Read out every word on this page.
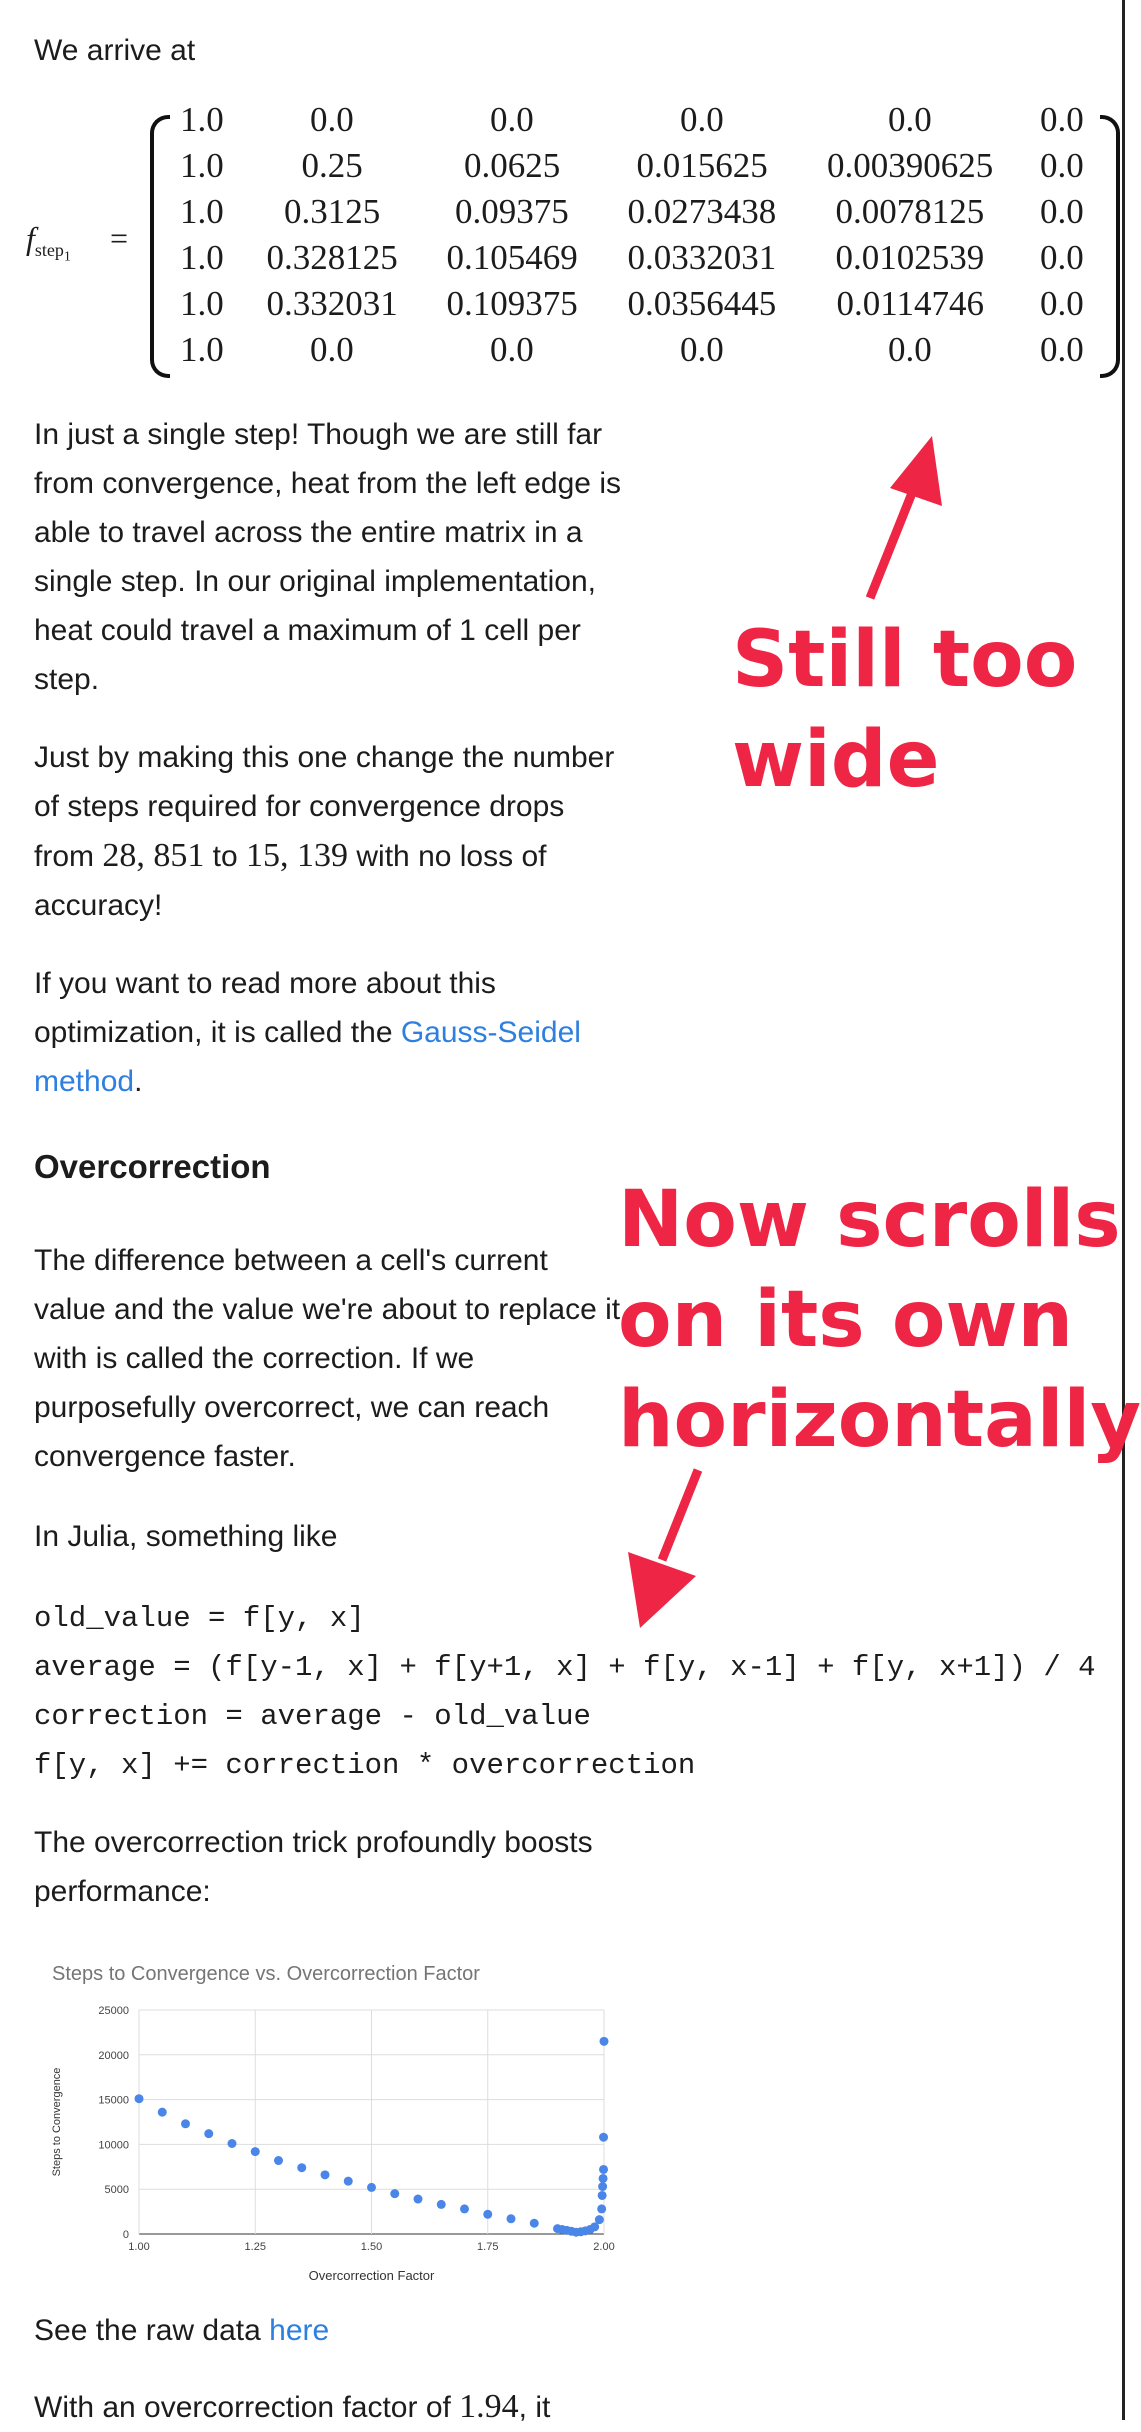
We arrive at

$f_{step_1}$
=
1.0 0.0	0.0	0.0	0.0	0.0
1.0 0.25	0.0625 0.015625 0.00390625 0.0
1.0 0.3125 0.09375 0.0273438 0.0078125 0.0
1.0 0.328125 0.105469 0.0332031 0.0102539 0.0
1.0 0.332031 0.109375 0.0356445 0.0114746 0.0
1.0 0.0	0.0	0.0	0.0	0.0

In just a single step! Though we are still far from convergence, heat from the left edge is able to travel across the entire matrix in a single step. In our original implementation, heat could travel a maximum of 1 cell per step.

Just by making this one change the number of steps required for convergence drops from 28, 851 to 15, 139 with no loss of accuracy!

If you want to read more about this optimization, it is called the Gauss-Seidel method.

Overcorrection

The difference between a cell's current value and the value we're about to replace it with is called the correction. If we purposefully overcorrect, we can reach convergence faster.

In Julia, something like

old_value = f[y, x]
average = (f[y-1, x] + f[y+1, x] + f[y, x-1] + f[y, x+1]) / 4
correction = average - old_value
f[y, x] += correction * overcorrection

The overcorrection trick profoundly boosts performance:

Steps to Convergence vs. Overcorrection Factor
Steps to Convergence
Overcorrection Factor
0
5000
10000
15000
20000
25000
1.00	1.25	1.50	1.75	2.00

See the raw data here

With an overcorrection factor of 1.94, it

Still too
wide
Now scrolls
on its own
horizontally
